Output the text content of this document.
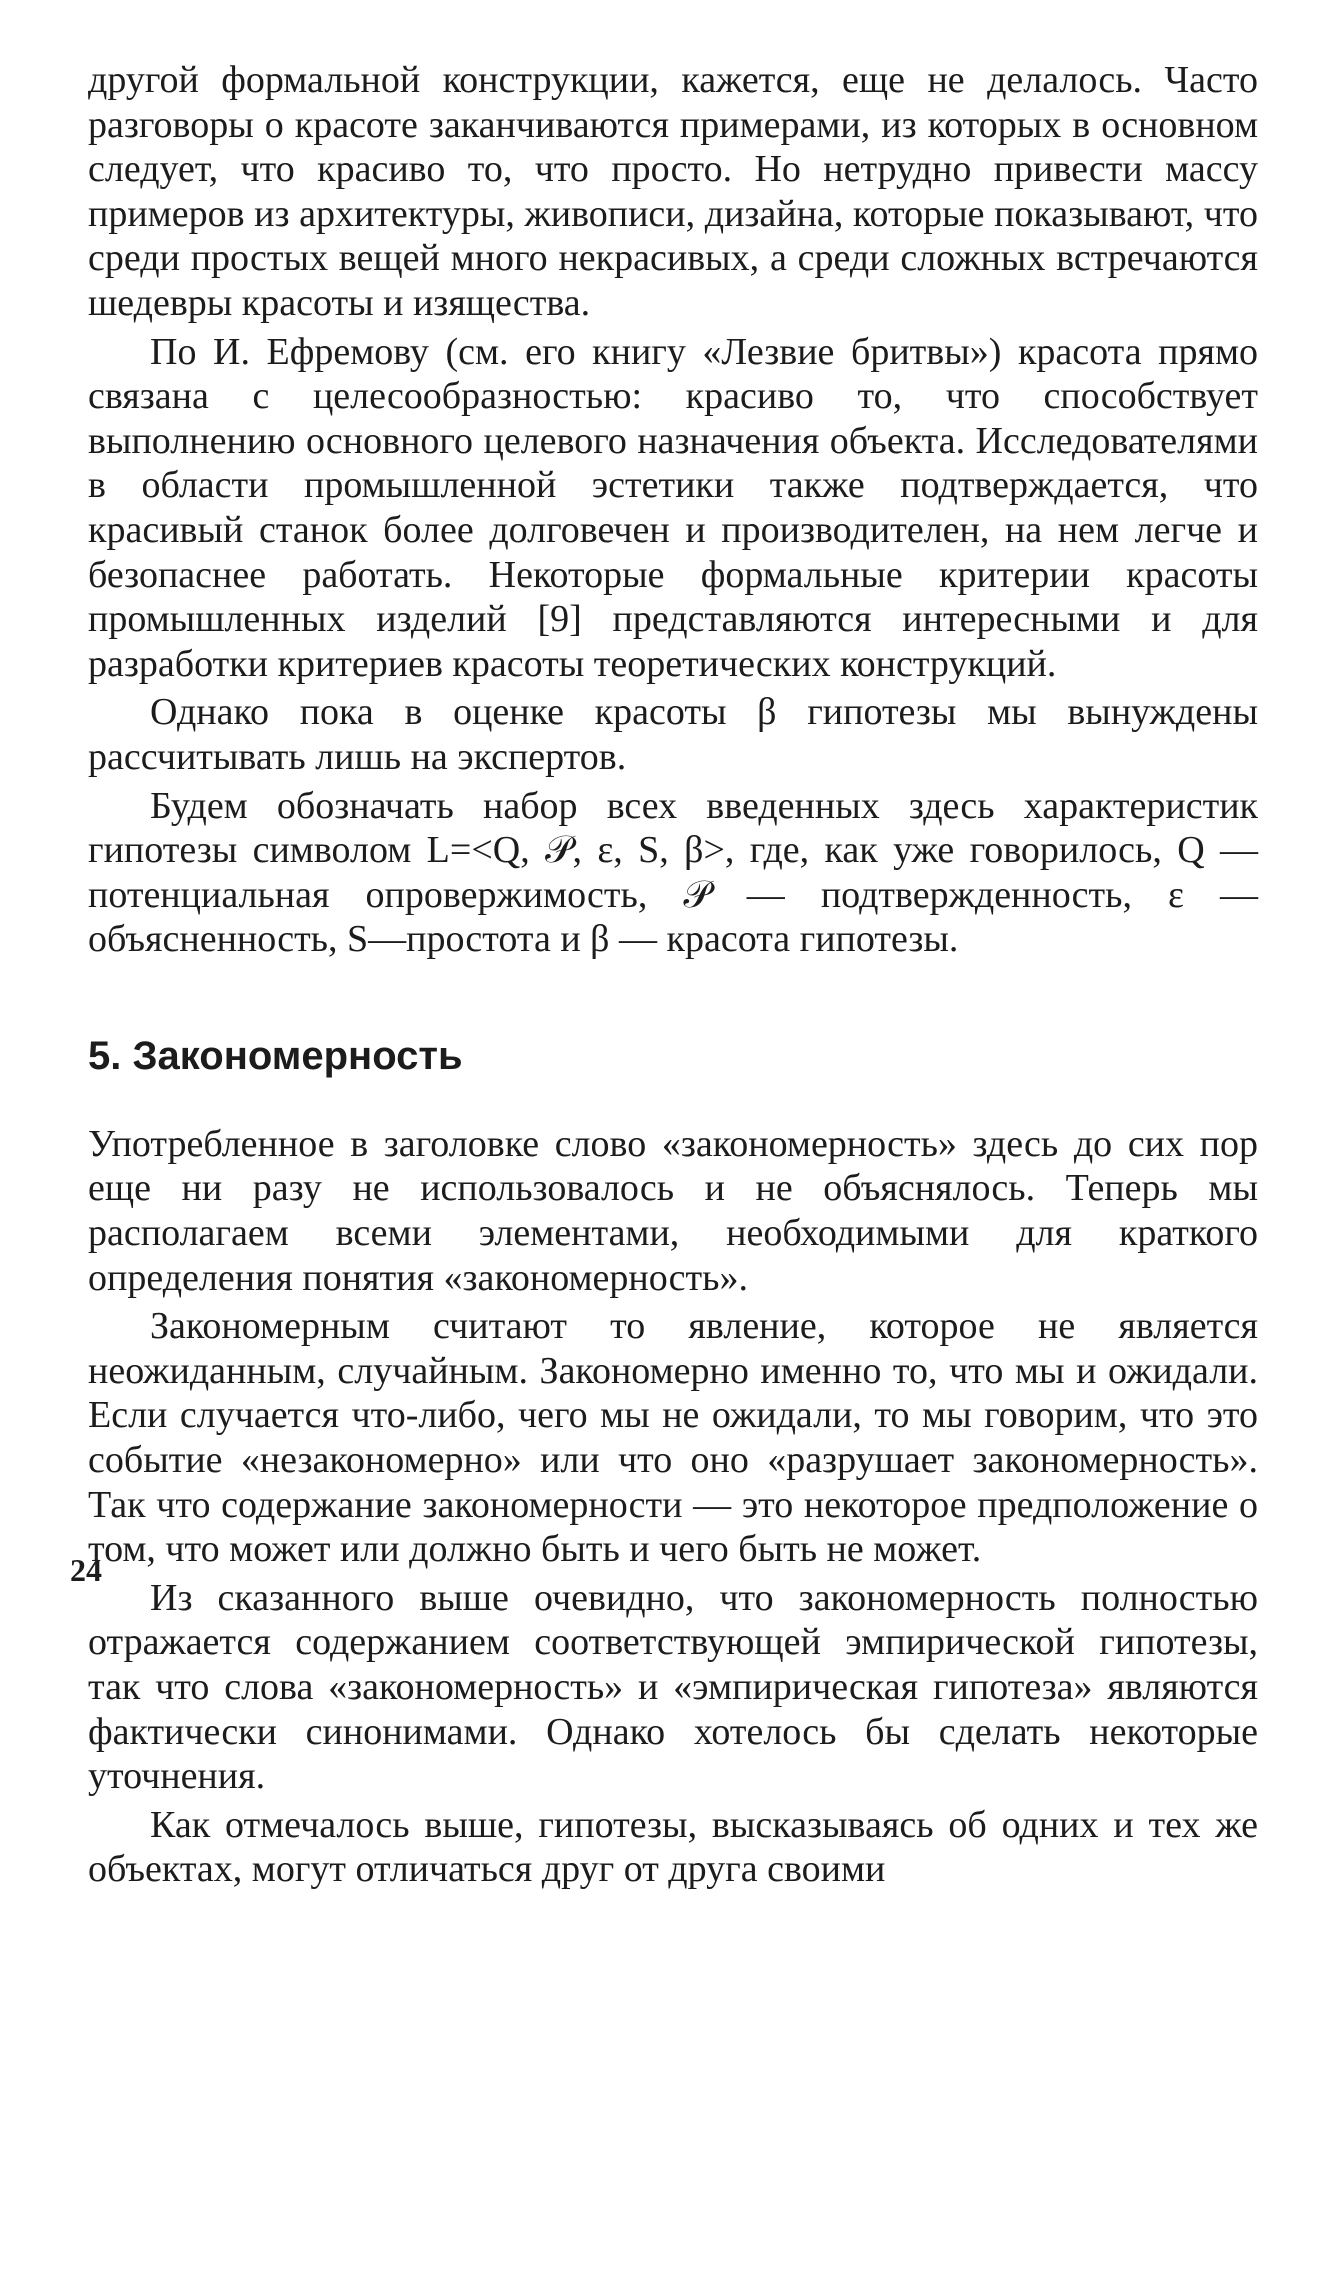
другой формальной конструкции, кажется, еще не делалось. Часто разговоры о красоте заканчиваются примерами, из которых в основном следует, что красиво то, что просто. Но нетрудно привести массу примеров из архитектуры, живописи, дизайна, которые показывают, что среди простых вещей много некрасивых, а среди сложных встречаются шедевры красоты и изящества.

По И. Ефремову (см. его книгу «Лезвие бритвы») красота прямо связана с целесообразностью: красиво то, что способствует выполнению основного целевого назначения объекта. Исследователями в области промышленной эстетики также подтверждается, что красивый станок более долговечен и производителен, на нем легче и безопаснее работать. Некоторые формальные критерии красоты промышленных изделий [9] представляются интересными и для разработки критериев красоты теоретических конструкций.

Однако пока в оценке красоты β гипотезы мы вынуждены рассчитывать лишь на экспертов.

Будем обозначать набор всех введенных здесь характеристик гипотезы символом L=<Q, 𝒫, ε, S, β>, где, как уже говорилось, Q — потенциальная опровержимость, 𝒫 — подтвержденность, ε — объясненность, S—простота и β — красота гипотезы.

5. Закономерность

Употребленное в заголовке слово «закономерность» здесь до сих пор еще ни разу не использовалось и не объяснялось. Теперь мы располагаем всеми элементами, необходимыми для краткого определения понятия «закономерность».

Закономерным считают то явление, которое не является неожиданным, случайным. Закономерно именно то, что мы и ожидали. Если случается что-либо, чего мы не ожидали, то мы говорим, что это событие «незакономерно» или что оно «разрушает закономерность». Так что содержание закономерности — это некоторое предположение о том, что может или должно быть и чего быть не может.

Из сказанного выше очевидно, что закономерность полностью отражается содержанием соответствующей эмпирической гипотезы, так что слова «закономерность» и «эмпирическая гипотеза» являются фактически синонимами. Однако хотелось бы сделать некоторые уточнения.

Как отмечалось выше, гипотезы, высказываясь об одних и тех же объектах, могут отличаться друг от друга своими

24
